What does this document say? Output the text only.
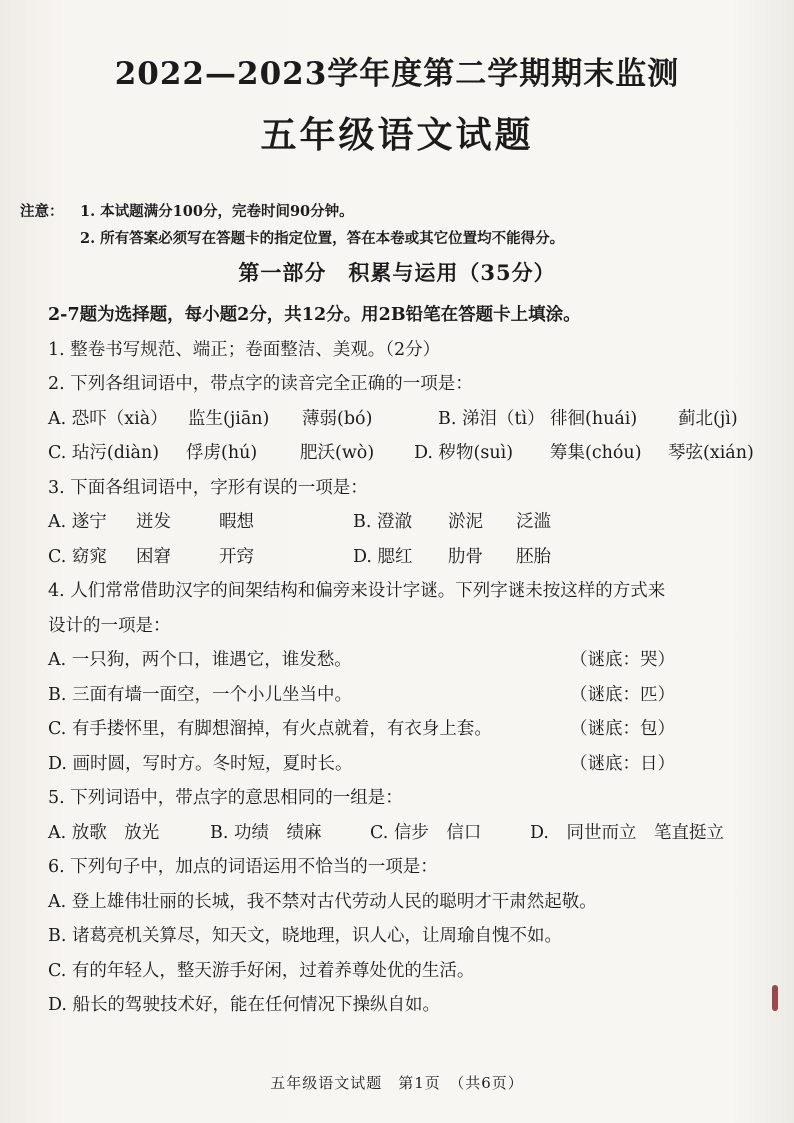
2022—2023学年度第二学期期末监测
五年级语文试题
注意：	1. 本试题满分100分，完卷时间90分钟。
2. 所有答案必须写在答题卡的指定位置，答在本卷或其它位置均不能得分。
第一部分　积累与运用（35分）
2-7题为选择题，每小题2分，共12分。用2B铅笔在答题卡上填涂。
1. 整卷书写规范、端正；卷面整洁、美观。（2分）
2. 下列各组词语中，带点字的读音完全正确的一项是：
A. 恐吓（xià）	监生(jiān)	薄弱(bó)	B. 涕泪（tì） 徘徊(huái)	蓟北(jì)
C. 玷污(diàn)	俘虏(hú)	肥沃(wò)	D. 秽物(suì)	筹集(chóu)	琴弦(xián)
3. 下面各组词语中，字形有误的一项是：
A. 遂宁	迸发	暇想	B. 澄澈	淤泥	泛滥
C. 窈窕	困窘	开窍	D. 腮红	肋骨	胚胎
4. 人们常常借助汉字的间架结构和偏旁来设计字谜。下列字谜未按这样的方式来
设计的一项是：
A. 一只狗，两个口，谁遇它，谁发愁。	（谜底：哭）
B. 三面有墙一面空，一个小儿坐当中。	（谜底：匹）
C. 有手搂怀里，有脚想溜掉，有火点就着，有衣身上套。	（谜底：包）
D. 画时圆，写时方。冬时短，夏时长。	（谜底：日）
5. 下列词语中，带点字的意思相同的一组是：
A. 放歌　放光	B. 功绩　绩麻	C. 信步　信口	D.　同世而立　笔直挺立
6. 下列句子中，加点的词语运用不恰当的一项是：
A. 登上雄伟壮丽的长城，我不禁对古代劳动人民的聪明才干肃然起敬。
B. 诸葛亮机关算尽，知天文，晓地理，识人心，让周瑜自愧不如。
C. 有的年轻人，整天游手好闲，过着养尊处优的生活。
D. 船长的驾驶技术好，能在任何情况下操纵自如。
五年级语文试题　第1页　（共6页）
